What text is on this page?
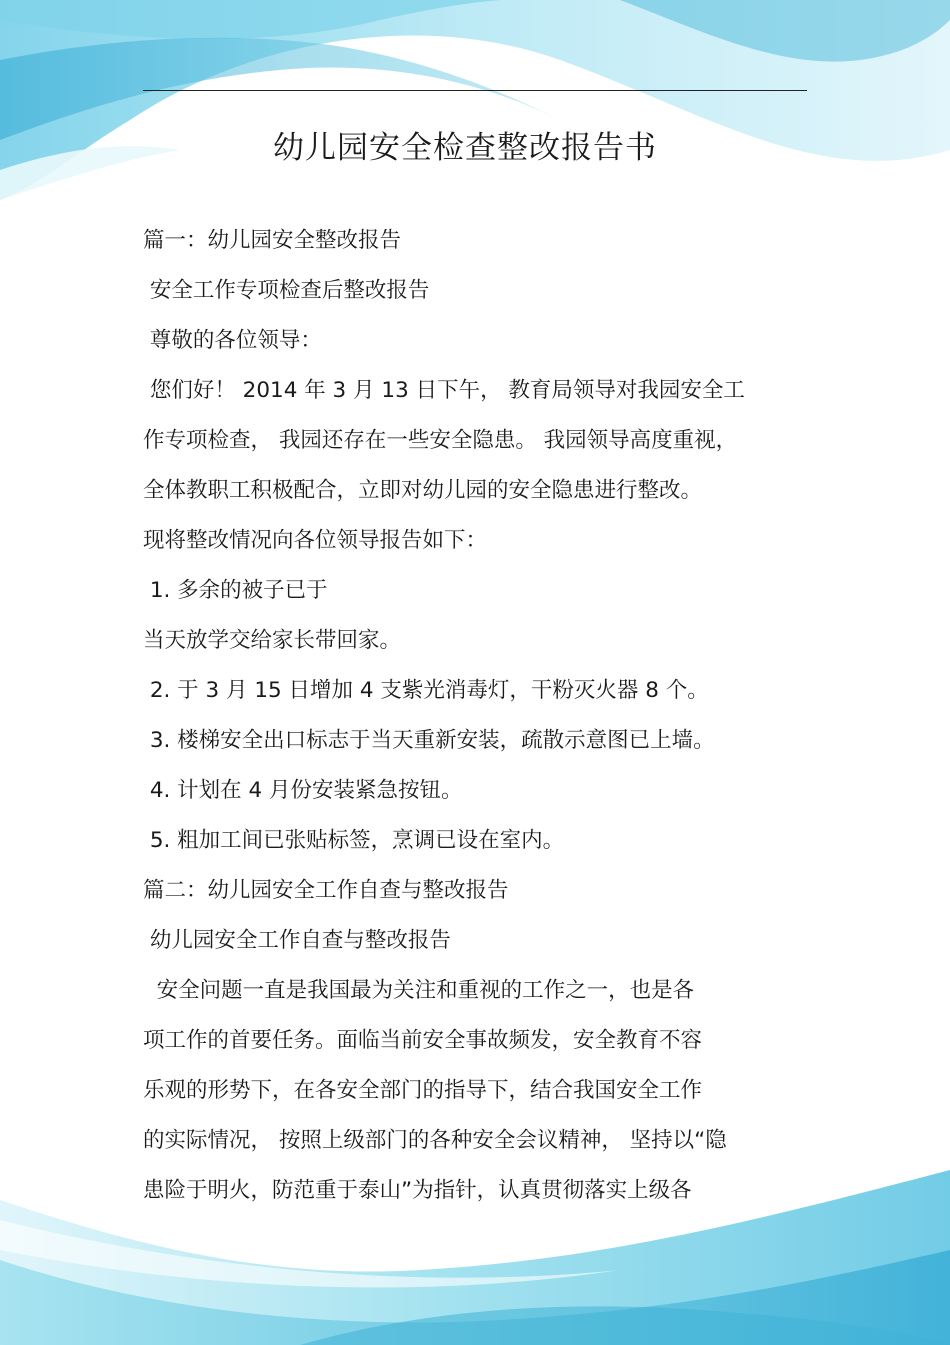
幼儿园安全检查整改报告书
篇一：幼儿园安全整改报告
安全工作专项检查后整改报告
尊敬的各位领导：
您们好！ 2014 年 3 月 13 日下午， 教育局领导对我园安全工
作专项检查， 我园还存在一些安全隐患。 我园领导高度重视，
全体教职工积极配合，立即对幼儿园的安全隐患进行整改。
现将整改情况向各位领导报告如下：
1. 多余的被子已于
当天放学交给家长带回家。
2. 于 3 月 15 日增加 4 支紫光消毒灯，干粉灭火器 8 个。
3. 楼梯安全出口标志于当天重新安装，疏散示意图已上墙。
4. 计划在 4 月份安装紧急按钮。
5. 粗加工间已张贴标签，烹调已设在室内。
篇二：幼儿园安全工作自查与整改报告
幼儿园安全工作自查与整改报告
安全问题一直是我国最为关注和重视的工作之一，也是各
项工作的首要任务。面临当前安全事故频发，安全教育不容
乐观的形势下，在各安全部门的指导下，结合我国安全工作
的实际情况， 按照上级部门的各种安全会议精神， 坚持以“隐
患险于明火，防范重于泰山”为指针，认真贯彻落实上级各
